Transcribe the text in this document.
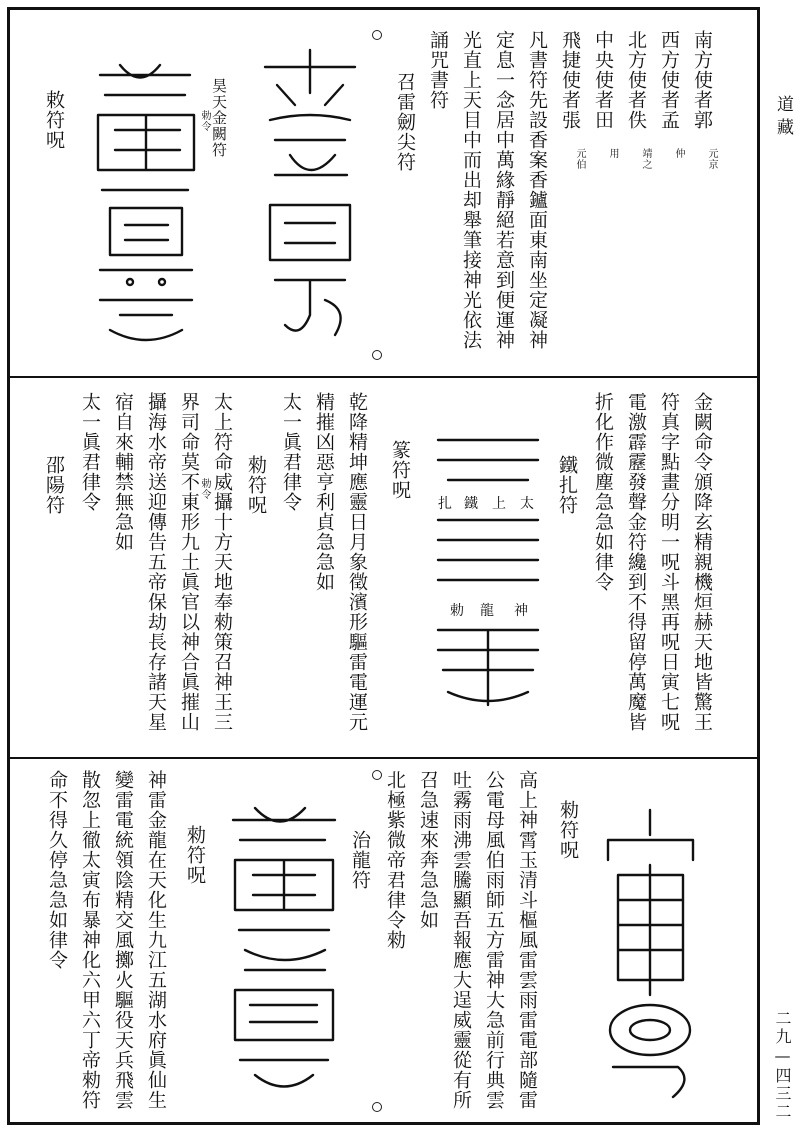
道藏
二九—四三二
南方使者郭
元京
西方使者孟
仲
北方使者佚
靖之
中央使者田
用
飛捷使者張
元伯
凡書符先設香案香鑪面東南坐定凝神
定息一念居中萬緣靜絕若意到便運神
光直上天目中而出却舉筆接神光依法
誦咒書符
召雷劒尖符
昊天金闕符
勅令
敕符呪
金闕命令頒降玄精親機烜赫天地皆驚王
符真字點畫分明一呪斗黑再呪日寅七呪
電激霹靂發聲金符纔到不得留停萬魔皆
折化作微塵急急如律令
鐵扎符
太
上
鐵
扎
神
龍
勅
篆符呪
乾降精坤應靈日月象徵濱形驅雷電運元
精摧凶惡亨利貞急急如
太一眞君律令
勑符呪
太上符命威攝十方天地奉勑策召神王三
勅令
界司命莫不東形九土眞官以神合眞摧山
攝海水帝送迎傳告五帝保劫長存諸天星
宿自來輔禁無急如
太一眞君律令
邵陽符
勑符呪
高上神霄玉清斗樞風雷雲雨雷電部隨雷
公電母風伯雨師五方雷神大急前行典雲
吐霧雨沸雲騰顯吾報應大逞威靈從有所
召急速來奔急急如
北極紫微帝君律令勑
治龍符
勑符呪
神雷金龍在天化生九江五湖水府眞仙生
變雷電統領陰精交風擲火驅役天兵飛雲
散忽上徹太寅布暴神化六甲六丁帝勑符
命不得久停急急如律令
